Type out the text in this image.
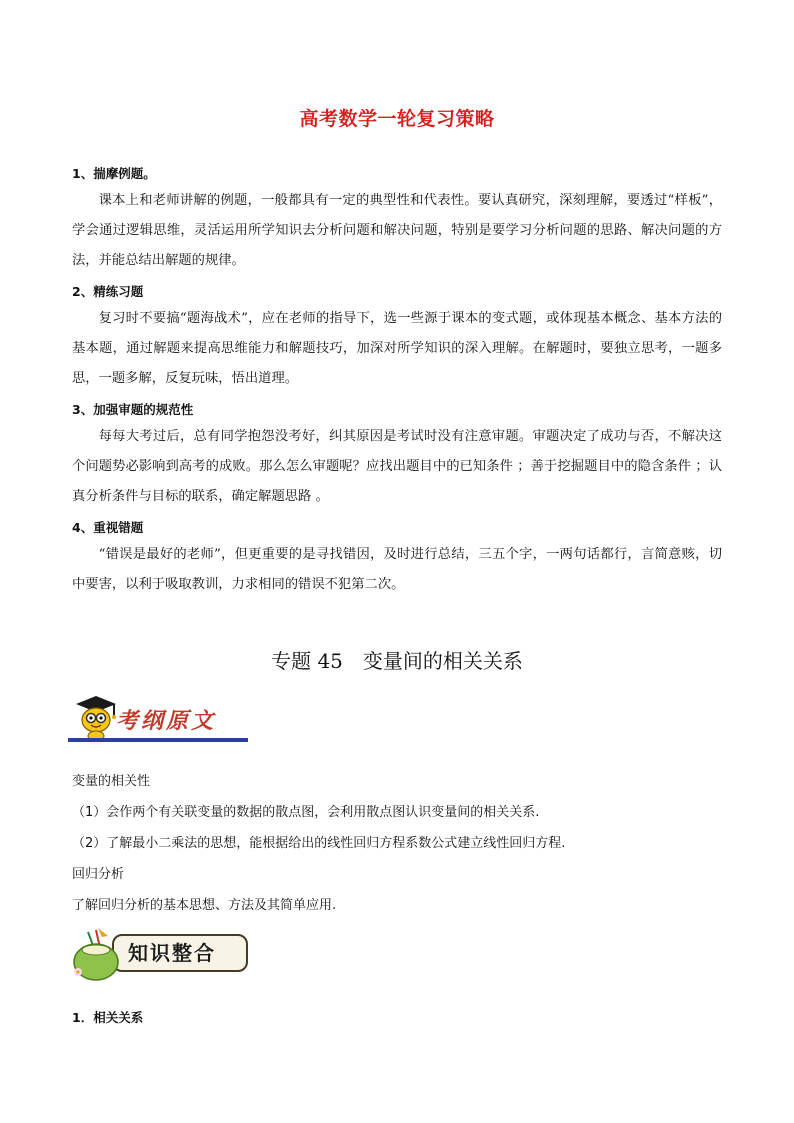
高考数学一轮复习策略
1、揣摩例题。
课本上和老师讲解的例题，一般都具有一定的典型性和代表性。要认真研究，深刻理解，要透过“样板”，学会通过逻辑思维，灵活运用所学知识去分析问题和解决问题，特别是要学习分析问题的思路、解决问题的方法，并能总结出解题的规律。
2、精练习题
复习时不要搞“题海战术”，应在老师的指导下，选一些源于课本的变式题，或体现基本概念、基本方法的基本题，通过解题来提高思维能力和解题技巧，加深对所学知识的深入理解。在解题时，要独立思考，一题多思，一题多解，反复玩味，悟出道理。
3、加强审题的规范性
每每大考过后，总有同学抱怨没考好，纠其原因是考试时没有注意审题。审题决定了成功与否，不解决这个问题势必影响到高考的成败。那么怎么审题呢？应找出题目中的已知条件 ；善于挖掘题目中的隐含条件 ；认真分析条件与目标的联系，确定解题思路 。
4、重视错题
“错误是最好的老师”，但更重要的是寻找错因，及时进行总结，三五个字，一两句话都行，言简意赅，切中要害，以利于吸取教训，力求相同的错误不犯第二次。
专题 45　变量间的相关关系
考纲原文
变量的相关性
（1）会作两个有关联变量的数据的散点图，会利用散点图认识变量间的相关关系.
（2）了解最小二乘法的思想，能根据给出的线性回归方程系数公式建立线性回归方程.
回归分析
了解回归分析的基本思想、方法及其简单应用.
知识整合
1．相关关系
